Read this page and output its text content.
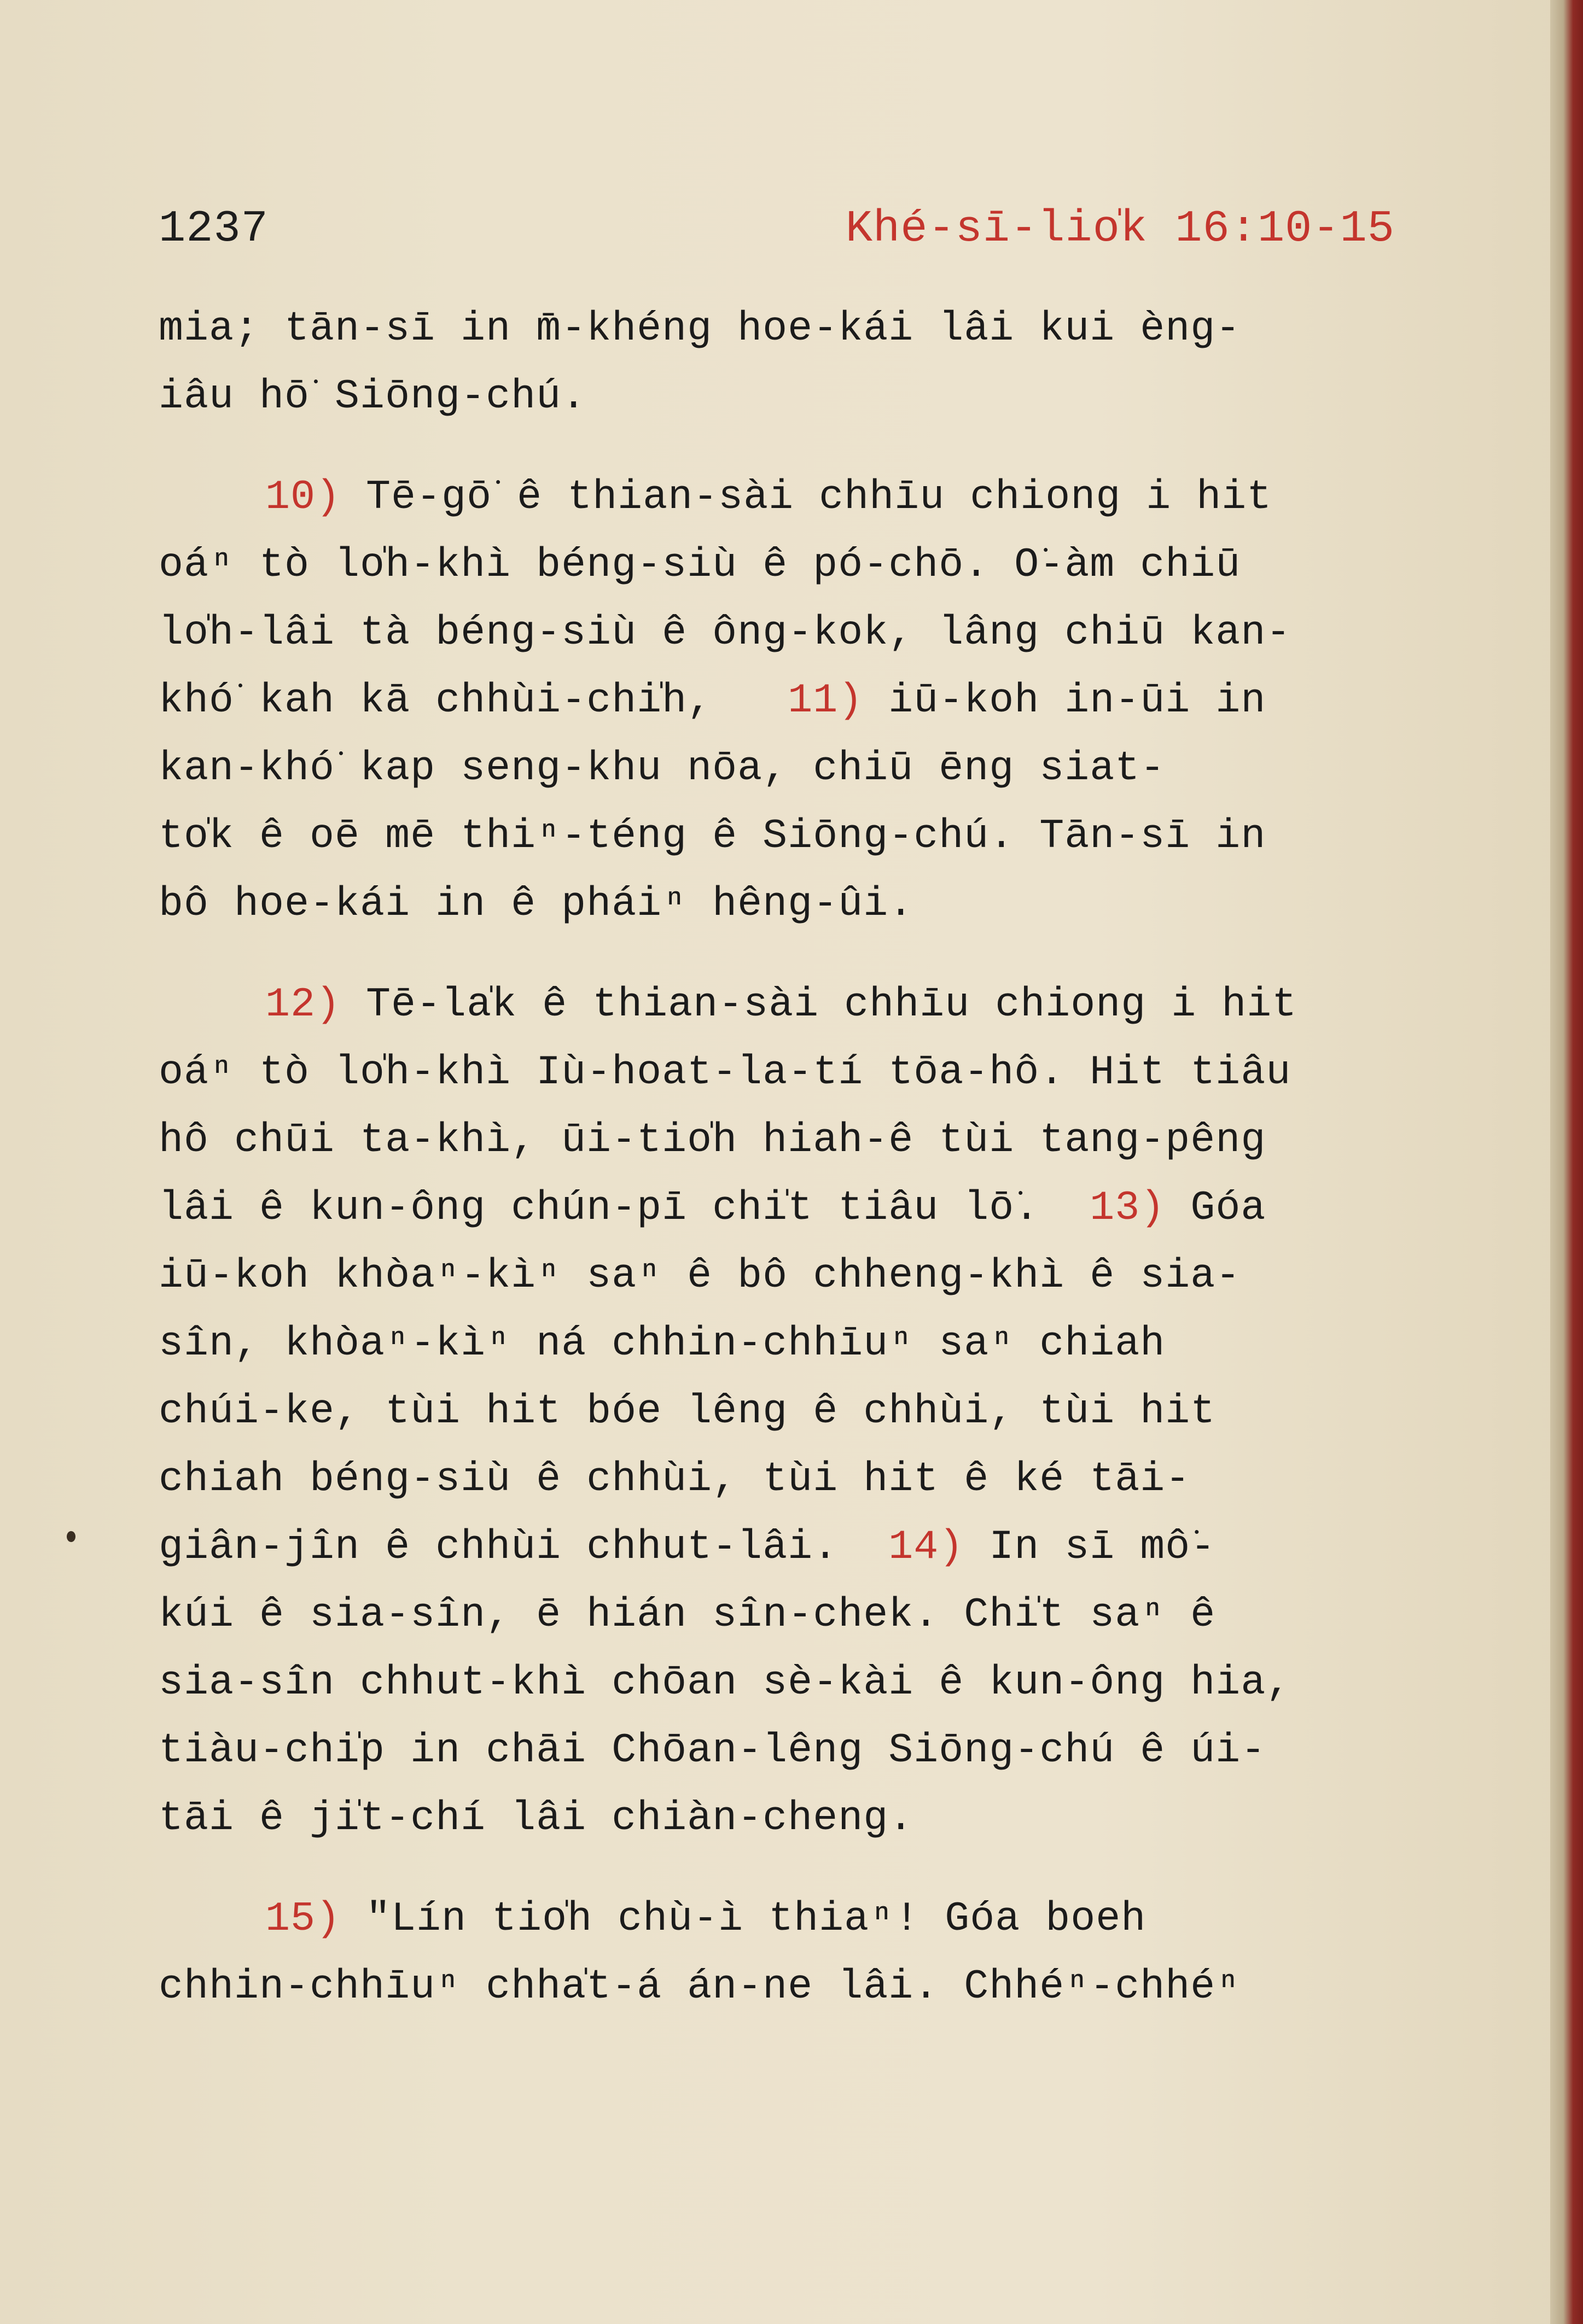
1237	Khé-sī-lio̍k 16:10-15
mia; tān-sī in m̄-khéng hoe-kái lâi kui èng-
iâu hō͘ Siōng-chú.
10) Tē-gō͘ ê thian-sài chhīu chiong i hit
oáⁿ tò lo̍h-khì béng-siù ê pó-chō. O͘-àm chiū
lo̍h-lâi tà béng-siù ê ông-kok, lâng chiū kan-
khó͘ kah kā chhùi-chi̍h, 11) iū-koh in-ūi in
kan-khó͘ kap seng-khu nōa, chiū ēng siat-
to̍k ê oē mē thiⁿ-téng ê Siōng-chú. Tān-sī in
bô hoe-kái in ê pháiⁿ hêng-ûi.
12) Tē-la̍k ê thian-sài chhīu chiong i hit
oáⁿ tò lo̍h-khì Iù-hoat-la-tí tōa-hô. Hit tiâu
hô chūi ta-khì, ūi-tio̍h hiah-ê tùi tang-pêng
lâi ê kun-ông chún-pī chi̍t tiâu lō͘. 13) Góa
iū-koh khòaⁿ-kìⁿ saⁿ ê bô chheng-khì ê sia-
sîn, khòaⁿ-kìⁿ ná chhin-chhīuⁿ saⁿ chiah
chúi-ke, tùi hit bóe lêng ê chhùi, tùi hit
chiah béng-siù ê chhùi, tùi hit ê ké tāi-
giân-jîn ê chhùi chhut-lâi. 14) In sī mô͘-
kúi ê sia-sîn, ē hián sîn-chek. Chi̍t saⁿ ê
sia-sîn chhut-khì chōan sè-kài ê kun-ông hia,
tiàu-chi̍p in chāi Chōan-lêng Siōng-chú ê úi-
tāi ê ji̍t-chí lâi chiàn-cheng.
15) "Lín tio̍h chù-ì thiaⁿ! Góa boeh
chhin-chhīuⁿ chha̍t-á án-ne lâi. Chhéⁿ-chhéⁿ
